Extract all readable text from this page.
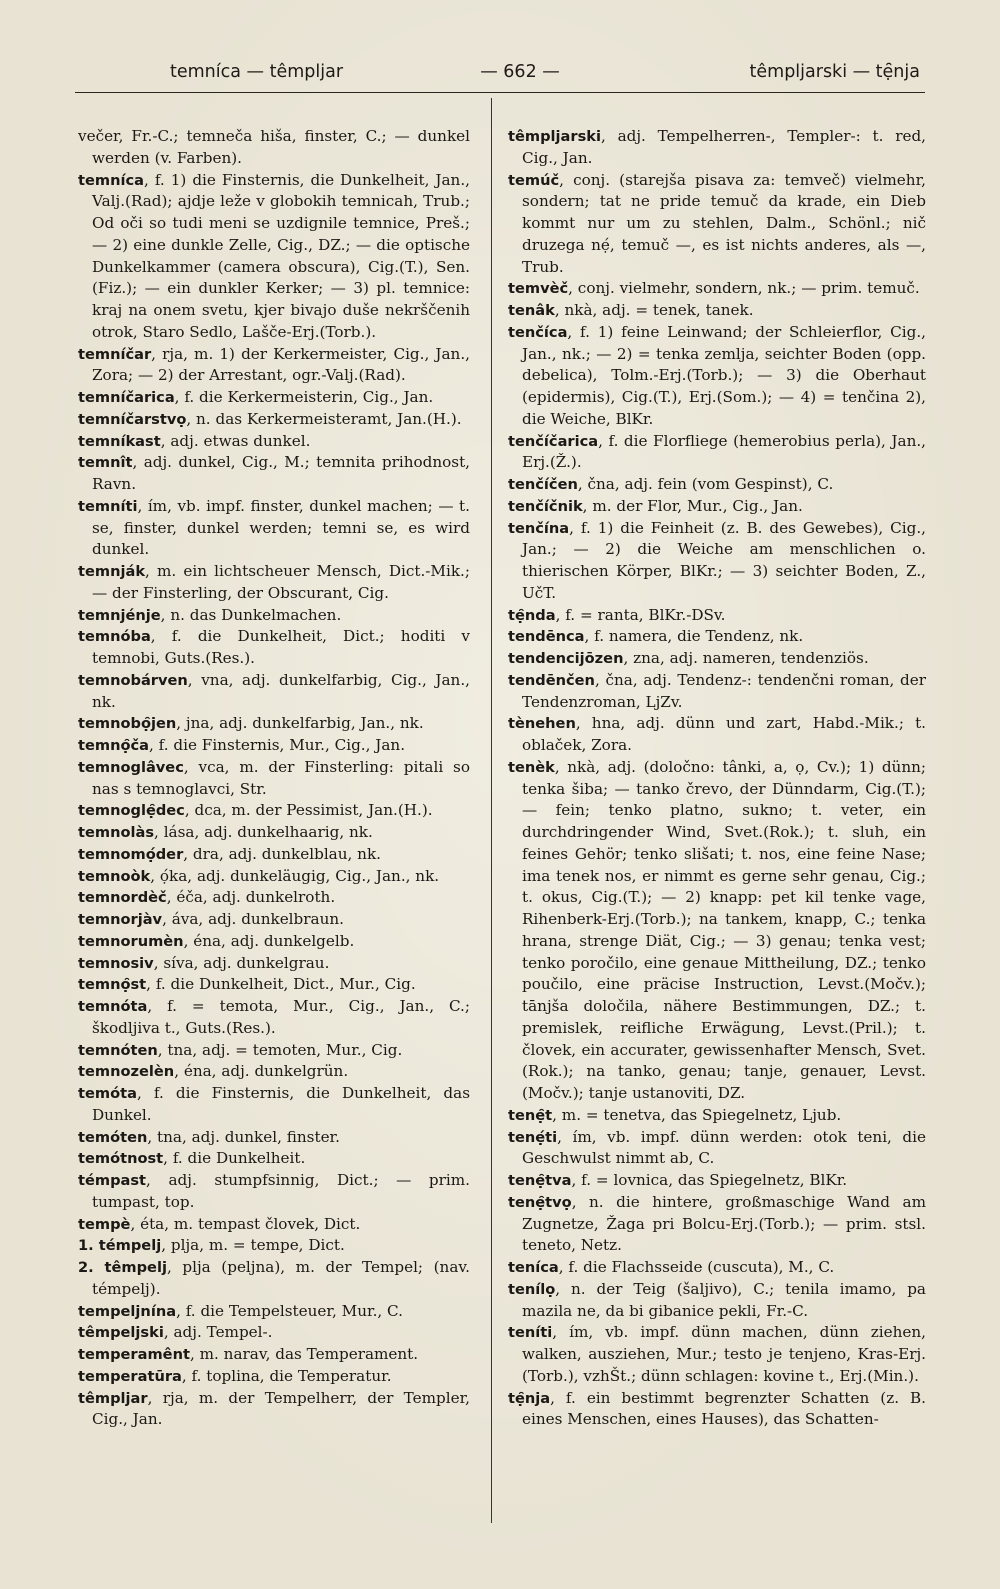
temníca — têmpljar	— 662 —	têmpljarski — tẹ̑nja

večer, Fr.-C.; temneča hiša, finster, C.; — dunkel werden (v. Farben).

temníca, f. 1) die Finsternis, die Dunkelheit, Jan., Valj.(Rad); ajdje leže v globokih temnicah, Trub.; Od oči so tudi meni se uzdignile temnice, Preš.; — 2) eine dunkle Zelle, Cig., DZ.; — die optische Dunkelkammer (camera obscura), Cig.(T.), Sen.(Fiz.); — ein dunkler Kerker; — 3) pl. temnice: kraj na onem svetu, kjer bivajo duše nekrščenih otrok, Staro Sedlo, Lašče-Erj.(Torb.).

temníčar, rja, m. 1) der Kerkermeister, Cig., Jan., Zora; — 2) der Arrestant, ogr.-Valj.(Rad).

temníčarica, f. die Kerkermeisterin, Cig., Jan.

temníčarstvọ, n. das Kerkermeisteramt, Jan.(H.).

temníkast, adj. etwas dunkel.

temnît, adj. dunkel, Cig., M.; temnita prihodnost, Ravn.

temníti, ím, vb. impf. finster, dunkel machen; — t. se, finster, dunkel werden; temni se, es wird dunkel.

temnják, m. ein lichtscheuer Mensch, Dict.-Mik.; — der Finsterling, der Obscurant, Cig.

temnjénje, n. das Dunkelmachen.

temnóba, f. die Dunkelheit, Dict.; hoditi v temnobi, Guts.(Res.).

temnobárven, vna, adj. dunkelfarbig, Cig., Jan., nk.

temnobọ̑jen, jna, adj. dunkelfarbig, Jan., nk.

temnọ̑ča, f. die Finsternis, Mur., Cig., Jan.

temnoglâvec, vca, m. der Finsterling: pitali so nas s temnoglavci, Str.

temnoglẹ̑dec, dca, m. der Pessimist, Jan.(H.).

temnolàs, lása, adj. dunkelhaarig, nk.

temnomọ́der, dra, adj. dunkelblau, nk.

temnoòk, ọ́ka, adj. dunkeläugig, Cig., Jan., nk.

temnordèč, éča, adj. dunkelroth.

temnorjàv, áva, adj. dunkelbraun.

temnorumèn, éna, adj. dunkelgelb.

temnosiv, síva, adj. dunkelgrau.

temnọ̑st, f. die Dunkelheit, Dict., Mur., Cig.

temnóta, f. = temota, Mur., Cig., Jan., C.; škodljiva t., Guts.(Res.).

temnóten, tna, adj. = temoten, Mur., Cig.

temnozelèn, éna, adj. dunkelgrün.

temóta, f. die Finsternis, die Dunkelheit, das Dunkel.

temóten, tna, adj. dunkel, finster.

temótnost, f. die Dunkelheit.

témpast, adj. stumpfsinnig, Dict.; — prim. tumpast, top.

tempè, éta, m. tempast človek, Dict.

1. témpelj, plja, m. = tempe, Dict.

2. têmpelj, plja (peljna), m. der Tempel; (nav. témpelj).

tempeljnína, f. die Tempelsteuer, Mur., C.

têmpeljski, adj. Tempel-.

temperamênt, m. narav, das Temperament.

temperatūra, f. toplina, die Temperatur.

têmpljar, rja, m. der Tempelherr, der Templer, Cig., Jan.

têmpljarski, adj. Tempelherren-, Templer-: t. red, Cig., Jan.

temúč, conj. (starejša pisava za: temveč) vielmehr, sondern; tat ne pride temuč da krade, ein Dieb kommt nur um zu stehlen, Dalm., Schönl.; nič druzega nẹ́, temuč —, es ist nichts anderes, als —, Trub.

temvèč, conj. vielmehr, sondern, nk.; — prim. temuč.

tenâk, nkà, adj. = tenek, tanek.

tenčíca, f. 1) feine Leinwand; der Schleierflor, Cig., Jan., nk.; — 2) = tenka zemlja, seichter Boden (opp. debelica), Tolm.-Erj.(Torb.); — 3) die Oberhaut (epidermis), Cig.(T.), Erj.(Som.); — 4) = tenčina 2), die Weiche, BlKr.

tenčíčarica, f. die Florfliege (hemerobius perla), Jan., Erj.(Ž.).

tenčíčen, čna, adj. fein (vom Gespinst), C.

tenčíčnik, m. der Flor, Mur., Cig., Jan.

tenčína, f. 1) die Feinheit (z. B. des Gewebes), Cig., Jan.; — 2) die Weiche am menschlichen o. thierischen Körper, BlKr.; — 3) seichter Boden, Z., UčT.

tẹ̑nda, f. = ranta, BlKr.-DSv.

tendēnca, f. namera, die Tendenz, nk.

tendencijōzen, zna, adj. nameren, tendenziös.

tendēnčen, čna, adj. Tendenz-: tendenčni roman, der Tendenzroman, LjZv.

tènehen, hna, adj. dünn und zart, Habd.-Mik.; t. oblaček, Zora.

tenèk, nkà, adj. (določno: tânki, a, ọ, Cv.); 1) dünn; tenka šiba; — tanko črevo, der Dünndarm, Cig.(T.); — fein; tenko platno, sukno; t. veter, ein durchdringender Wind, Svet.(Rok.); t. sluh, ein feines Gehör; tenko slišati; t. nos, eine feine Nase; ima tenek nos, er nimmt es gerne sehr genau, Cig.; t. okus, Cig.(T.); — 2) knapp: pet kil tenke vage, Rihenberk-Erj.(Torb.); na tankem, knapp, C.; tenka hrana, strenge Diät, Cig.; — 3) genau; tenka vest; tenko poročilo, eine genaue Mittheilung, DZ.; tenko poučilo, eine präcise Instruction, Levst.(Močv.); tānjša določila, nähere Bestimmungen, DZ.; t. premislek, reifliche Erwägung, Levst.(Pril.); t. človek, ein accurater, gewissenhafter Mensch, Svet.(Rok.); na tanko, genau; tanje, genauer, Levst.(Močv.); tanje ustanoviti, DZ.

tenẹ̑t, m. = tenetva, das Spiegelnetz, Ljub.

tenẹ́ti, ím, vb. impf. dünn werden: otok teni, die Geschwulst nimmt ab, C.

tenẹ̑tva, f. = lovnica, das Spiegelnetz, BlKr.

tenẹ̑tvọ, n. die hintere, großmaschige Wand am Zugnetze, Žaga pri Bolcu-Erj.(Torb.); — prim. stsl. teneto, Netz.

teníca, f. die Flachsseide (cuscuta), M., C.

tenílọ, n. der Teig (šaljivo), C.; tenila imamo, pa mazila ne, da bi gibanice pekli, Fr.-C.

teníti, ím, vb. impf. dünn machen, dünn ziehen, walken, ausziehen, Mur.; testo je tenjeno, Kras-Erj.(Torb.), vzhŠt.; dünn schlagen: kovine t., Erj.(Min.).

tẹ̑nja, f. ein bestimmt begrenzter Schatten (z. B. eines Menschen, eines Hauses), das Schatten-
